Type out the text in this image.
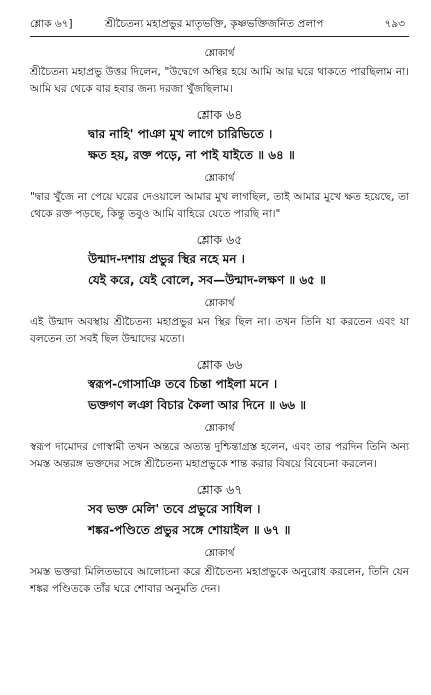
শ্লোক ৬৭]	শ্রীচৈতন্য মহাপ্রভুর মাতৃভক্তি, কৃষ্ণভক্তিজনিত প্রলাপ	৭৯৩
শ্লোকার্থ
শ্রীচৈতন্য মহাপ্রভু উত্তর দিলেন, "উদ্বেগে অস্থির হয়ে আমি আর ঘরে থাকতে পারছিলাম না। আমি ঘর থেকে বার হবার জন্য দরজা খুঁজছিলাম।
শ্লোক ৬৪
দ্বার নাহি' পাঞা মুখ লাগে চারিভিতে ।
ক্ষত হয়, রক্ত পড়ে, না পাই যাইতে ॥ ৬৪ ॥
শ্লোকার্থ
"দ্বার খুঁজে না পেয়ে ঘরের দেওয়ালে আমার মুখ লাগছিল, তাই আমার মুখে ক্ষত হয়েছে, তা থেকে রক্ত পড়ছে, কিন্তু তবুও আমি বাহিরে যেতে পারছি না।"
শ্লোক ৬৫
উন্মাদ-দশায় প্রভুর স্থির নহে মন ।
যেই করে, যেই বোলে, সব—উন্মাদ-লক্ষণ ॥ ৬৫ ॥
শ্লোকার্থ
এই উন্মাদ অবস্থায় শ্রীচৈতন্য মহাপ্রভুর মন স্থির ছিল না। তখন তিনি যা করতেন এবং যা বলতেন তা সবই ছিল উন্মাদের মতো।
শ্লোক ৬৬
স্বরূপ-গোসাঞি তবে চিন্তা পাইলা মনে ।
ভক্তগণ লঞা বিচার কৈলা আর দিনে ॥ ৬৬ ॥
শ্লোকার্থ
স্বরূপ দামোদর গোস্বামী তখন অন্তরে অত্যন্ত দুশ্চিন্তাগ্রস্ত হলেন, এবং তার পরদিন তিনি অন্য সমস্ত অন্তরঙ্গ ভক্তদের সঙ্গে শ্রীচৈতন্য মহাপ্রভুকে শান্ত করার বিষয়ে বিবেচনা করলেন।
শ্লোক ৬৭
সব ভক্ত মেলি' তবে প্রভুরে সাধিল ।
শঙ্কর-পণ্ডিতে প্রভুর সঙ্গে শোয়াইল ॥ ৬৭ ॥
শ্লোকার্থ
সমস্ত ভক্তরা মিলিতভাবে আলোচনা করে শ্রীচৈতন্য মহাপ্রভুকে অনুরোধ করলেন, তিনি যেন শঙ্কর পণ্ডিতকে তাঁর ঘরে শোবার অনুমতি দেন।
